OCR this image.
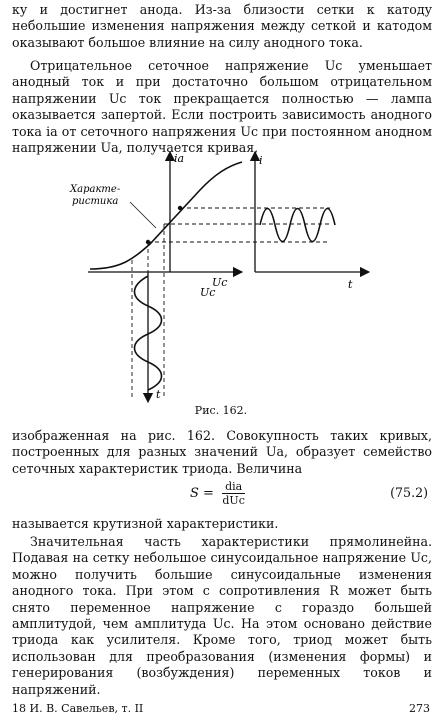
ку и достигнет анода. Из-за близости сетки к катоду небольшие изменения напряжения между сеткой и катодом оказывают большое влияние на силу анодного тока.
Отрицательное сеточное напряжение Uс уменьшает анодный ток и при достаточно большом отрицательном напряжении Uс ток прекращается полностью — лампа оказывается запертой. Если построить зависимость анодного тока iа от сеточного напряжения Uс при постоянном анодном напряжении Uа, получается кривая,
Характе-
ристика
iа
Uс
i
t
t
Uс
Рис. 162.
изображенная на рис. 162. Совокупность таких кривых, построенных для разных значений Uа, образует семейство сеточных характеристик триода. Величина
$S = \frac{\text{diа}}{\text{dUс}}$	(75.2)
называется крутизной характеристики.
Значительная часть характеристики прямолинейна. Подавая на сетку небольшое синусоидальное напряжение Uс, можно получить большие синусоидальные изменения анодного тока. При этом с сопротивления R может быть снято переменное напряжение с гораздо большей амплитудой, чем амплитуда Uс. На этом основано действие триода как усилителя. Кроме того, триод может быть использован для преобразования (изменения формы) и генерирования (возбуждения) переменных токов и напряжений.
18 И. В. Савельев, т. II	273
